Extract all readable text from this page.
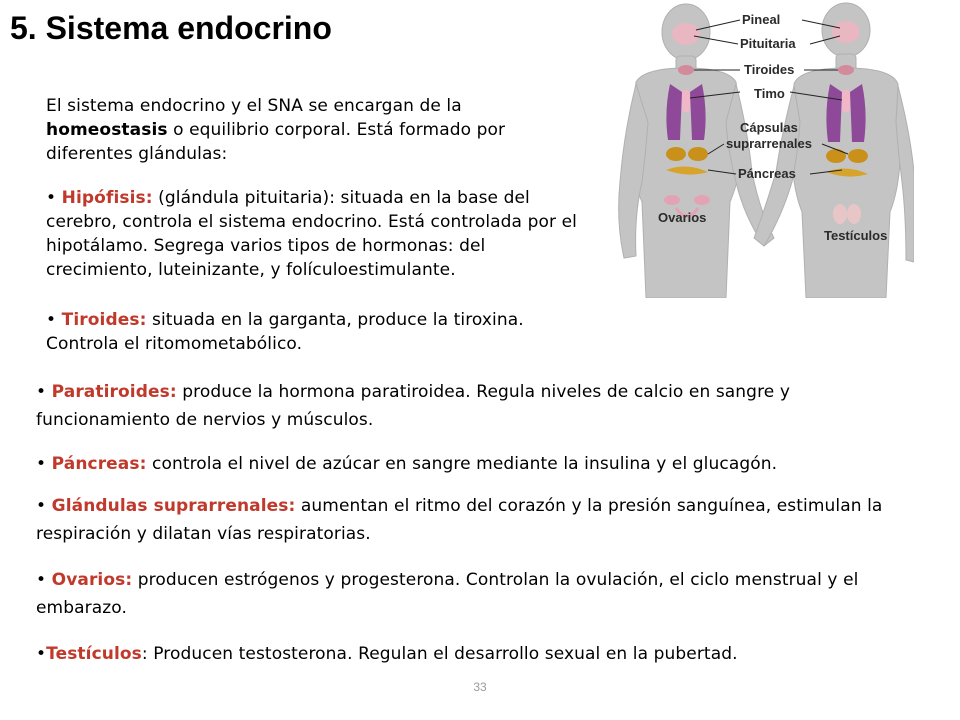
5. Sistema endocrino

El sistema endocrino y el SNA se encargan de la homeostasis o equilibrio corporal. Está formado por diferentes glándulas:

• Hipófisis: (glándula pituitaria): situada en la base del cerebro, controla el sistema endocrino. Está controlada por el hipotálamo. Segrega varios tipos de hormonas: del crecimiento, luteinizante, y folículoestimulante.

• Tiroides: situada en la garganta, produce la tiroxina. Controla el ritomometabólico.

• Paratiroides: produce la hormona paratiroidea. Regula niveles de calcio en sangre y funcionamiento de nervios y músculos.

• Páncreas: controla el nivel de azúcar en sangre mediante la insulina y el glucagón.

• Glándulas suprarrenales: aumentan el ritmo del corazón y la presión sanguínea, estimulan la respiración y dilatan vías respiratorias.

• Ovarios: producen estrógenos y progesterona. Controlan la ovulación, el ciclo menstrual y el embarazo.

•Testículos: Producen testosterona. Regulan el desarrollo sexual en la pubertad.

Pineal
Pituitaria
Tiroides
Timo
Cápsulas
suprarrenales
Páncreas
Ovarios
Testículos
33
